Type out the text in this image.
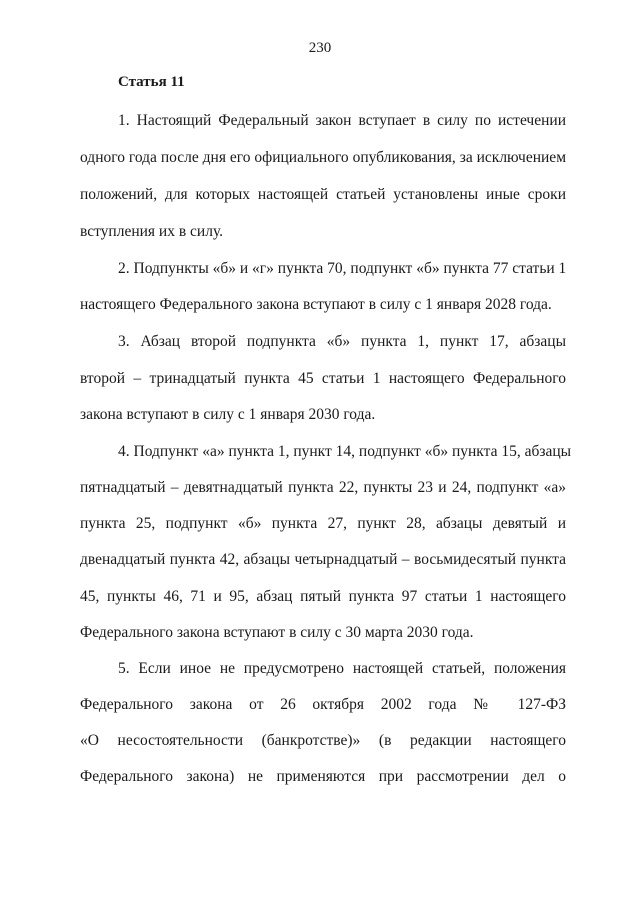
230
Статья 11
1. Настоящий Федеральный закон вступает в силу по истечении
одного года после дня его официального опубликования, за исключением
положений, для которых настоящей статьей установлены иные сроки
вступления их в силу.
2. Подпункты «б» и «г» пункта 70, подпункт «б» пункта 77 статьи 1
настоящего Федерального закона вступают в силу с 1 января 2028 года.
3. Абзац второй подпункта «б» пункта 1, пункт 17, абзацы
второй – тринадцатый пункта 45 статьи 1 настоящего Федерального
закона вступают в силу с 1 января 2030 года.
4. Подпункт «а» пункта 1, пункт 14, подпункт «б» пункта 15, абзацы
пятнадцатый – девятнадцатый пункта 22, пункты 23 и 24, подпункт «а»
пункта 25, подпункт «б» пункта 27, пункт 28, абзацы девятый и
двенадцатый пункта 42, абзацы четырнадцатый – восьмидесятый пункта
45, пункты 46, 71 и 95, абзац пятый пункта 97 статьи 1 настоящего
Федерального закона вступают в силу с 30 марта 2030 года.
5. Если иное не предусмотрено настоящей статьей, положения
Федерального закона от 26 октября 2002 года № 127-ФЗ
«О несостоятельности (банкротстве)» (в редакции настоящего
Федерального закона) не применяются при рассмотрении дел о
